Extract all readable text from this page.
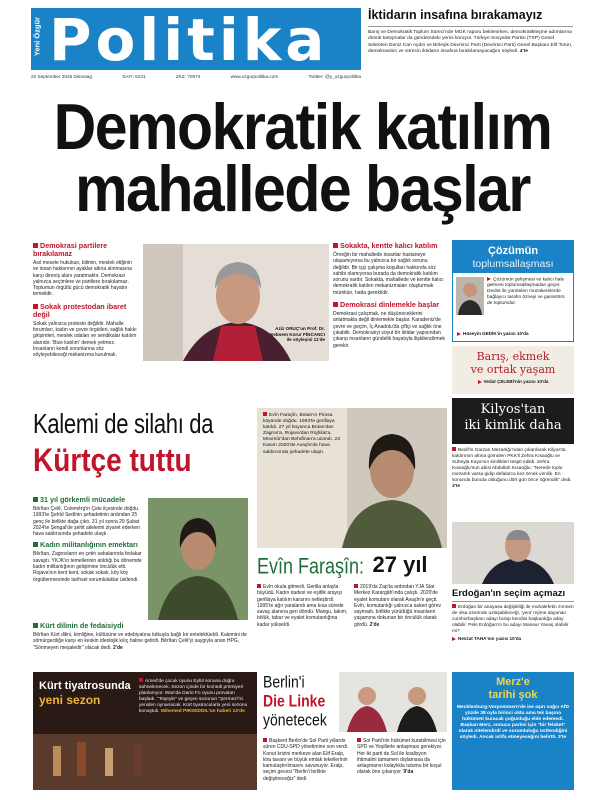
Yeni Özgür Politika
22 September 2026 Dienstag	SAYI: 6231	ZKZ: 70974	www.ozgurpolitika.com	Twitter: @y_ozgurpolitika
İktidarın insafına bırakamayız

Barış ve Demokratik Toplum Süreci'nde MGK raporu beklenirken, demokratikleşme adımlarına dönük tartışmalar da gündemdeki yerini koruyor. Türkiye Sosyalist Partisi (TSP) Genel Sekreteri Deniz Can Aydın ve Birleşik Devrimci Parti (Devrimci Parti) Genel Başkanı Elif Torun, demokrasinin ve sürecin iktidarın insafına bırakılamayacağını söyledi. 4'te

Demokratik katılım
mahallede başlar
Demokrasi partilere bırakılamaz

Asıl mesele hukukun, bilimin, meslek etiğinin ve insan haklarının ayaklar altına alınmasına karşı direniş alanı yaratmaktır. Demokrasi yalnızca seçimlere ve partilere bırakılamaz. Toplumun örgütlü gücü demokratik hayatın temelidir.

Sokak protestodan ibaret değil

Sokak yalnızca protesto değildir. Mahalle forumları, kadın ve çevre örgütleri, sağlık hakkı girişimleri, meslek odaları ve sendikalar katılım alanıdır. 'Bize katılım' demek yetmez. İnsanların kendi sorunlarına söz söyleyebileceği mekanizma kurulmalı.

Aziz ORUÇ'un Prof. Dr. Şebnem Korur FİNCANCI ile söyleşisi 11'de
Sokakta, kentte kalıcı katılım

Örneğin bir mahallede insanlar hastaneye ulaşamıyorsa bu yalnızca bir sağlık sorunu değildir. Bir işçi çalışma koşulları hakkında söz sahibi olamıyorsa burada da demokratik katılım sorunu vardır. Sokakta, mahallede ve kentte kalıcı demokratik katılım mekanizmaları oluşturmak mümkün, hatta gereklidir.

Demokrasi dinlemekle başlar

Demokrasi çalışmak, ne düşüneceklerini anlatmakla değil dinlemekle başlar. Karadeniz'de çevre ve geçim, İç Anadolu'da çiftçi ve sağlık öne çıkabilir. Demokrasiyi soyut bir iktidar yapısından çıkarıp insanların gündelik hayatıyla ilişkilendirmek gerekir.

Çözümün
toplumsallaşması

Çözümün gelişmesi ve kalıcı hale gelmesi toplumsallaşmadan geçer. Devlet ile yürütülen müzakerelerde bağlayıcı tarafın özneyi ve garantörü de toplumdur.

Hüseyin GEDİK'in yazısı 10'da
Barış, ekmek
ve ortak yaşam
Vedat ÇELEBİ'nin yazısı 10'da
Kalemi de silahı da
Kürtçe tuttu
31 yıl görkemli mücadele

Bêrîtan Çelê, Colemêrg'in Çele ilçesinde doğdu. 1993'te Şehîd Sedînin şehadetinin ardından 25 genç ile birlikte dağa çıktı. 31 yıl sonra 29 Şubat 2024'te Şengal'de şehit ailelerini ziyaret ederken hava saldırısında şehadete ulaştı.

Kadın militanlığının emektarı

Bêrîtan, Zagrosların en çetin sahalarında fedakar savaştı. YKJK'ın temellerinin atıldığı bu dönemde kadın militanlığının gelişimine öncülük etti. Rojava'nın kent kent, sokak sokak, köy köy örgütlenmesinde tarihsel sorumluluklar üstlendi.

Kürt dilinin de fedaisiydi

Bêrîtan Kürt dilini, kimliğine, kültürüne ve edebiyatına tutkuyla bağlı bir entelektüeldi. Kalemini de sömürgeciliğe karşı en keskin ideolojik kılıç haline getirdi. Bêrîtan Çelê'yi saygıyla anan HPG, "Sönmeyen meşaledir" olacak dedi. 2'de

Evîn Faraşîn, Botan'ın Pirosa köyünde doğdu. 1993'te gerillaya katıldı. 27 yıl boyunca Botan'dan Zagros'a, Rojava'dan Rojhilat'a, Mexmûr'dan Behdînan'a uzandı. 23 Kasım 2020'de Avaşîn'de hava saldırısında şehadete ulaştı.

Evîn Faraşîn: 27 yıl

Evîn okula gitmedi. Gerilla anlayla büyüdü. Kadın iradesi ve eşitlik arayışı gerillaya katılım kararını netleştirdi. 1995'te ağır yaralandı ama kısa sürede savaş alanına geri döndü. Mangu, takım, bölük, tabur ve eyalet komutanlığına kadar yükseldi.

2019'da Zap'ta ardından YJA Star Merkez Karargâh'ında çalıştı. 2020'de eyalet komutanı olarak Avaşîn'e geçti. Evîn, komutanlığı yalnızca askeri görev saymadı, birlikte yürüdüğü insanların yaşamına dokunan bir öncülük olarak gördü. 2'de

Kilyos'tan
iki kimlik daha

Bedil'in Garzan Mezarlığı'ndan çıkarılarak Kilyos'ta kaldırımın altına gömülen PKK'li Zehra Kısaoğlu ve Süheyla Kaya'nın kimlikleri tespit edildi. Zehra Kısaoğlu'nun abisi Abdullah Kısaoğlu, "Nerede toplu mezarlık varsa gidip defalarca kez örnek verdik. En sonunda buruda olduğunu dört gün önce öğrendik" dedi. 3'te

Erdoğan'ın seçim açmazı

Erdoğan bir anayasa değişikliği ile muhalefetin zımnen de olsa üzerinde uzlaşabileceği, 'yeni' rejime dayanan cumhurbaşkanı adayı bulup kendisi başkanlığa aday olabilir. Peki Erdoğan'ın bu adayı Mansur Yavaş olabilir mi?

Nevzat TAHA'nın yazısı 10'da
Kürt tiyatrosunda
yeni sezon

Amed'de çocuk oyunu Eylül sonuna doğru sahnelenecek. Sezon içinde bir komedi prömiyeri planlanıyor. Wan'da Dario Fo oyunu provaları başladı. "Teşeyle" ve geçen sezonun "Şermezi"si yeniden oynanacak. Kürt tiyatrocularla yeni sezonu konuştuk. Mihemed PIRSEDDIL'un haberi 12'de

Berlin'i
Die Linke
yönetecek

Başkent Berlin'de Sol Parti yıllardır süren CDU-SPD yönetimine son verdi. Konut krizini merkeze alan Elif Eralp, kira tavanı ve büyük emlak tekellerinin kamulaştırılmasını savunuyor. Eralp, seçim gecesi "Berlin'i birlikte değiştireceğiz" dedi.

Sol Parti'nin hükümet kurabilmesi için SPD ve Yeşillerle anlaşması gerekiyor. Her iki parti de Sol ile koalisyon ihtimalini tamamen dışlamasa da anlaşmanın kolaylıkla tutumu bir koşul olarak öne çıkarıyor. 9'da

Merz'e
tarihi şok

Mecklenburg-Vorpommern'de ise aşırı sağcı AfD yüzde 38 oyla birinci oldu ama tek başına hükümeti kuracak çoğunluğu elde edemedi. Başkan Merz, sonucu partisi için "bir felaket" olarak nitelendirdi ve sorumluluğu üstlendiğini söyledi. Ancak istifa etmeyeceğini belirtti. 3'te
